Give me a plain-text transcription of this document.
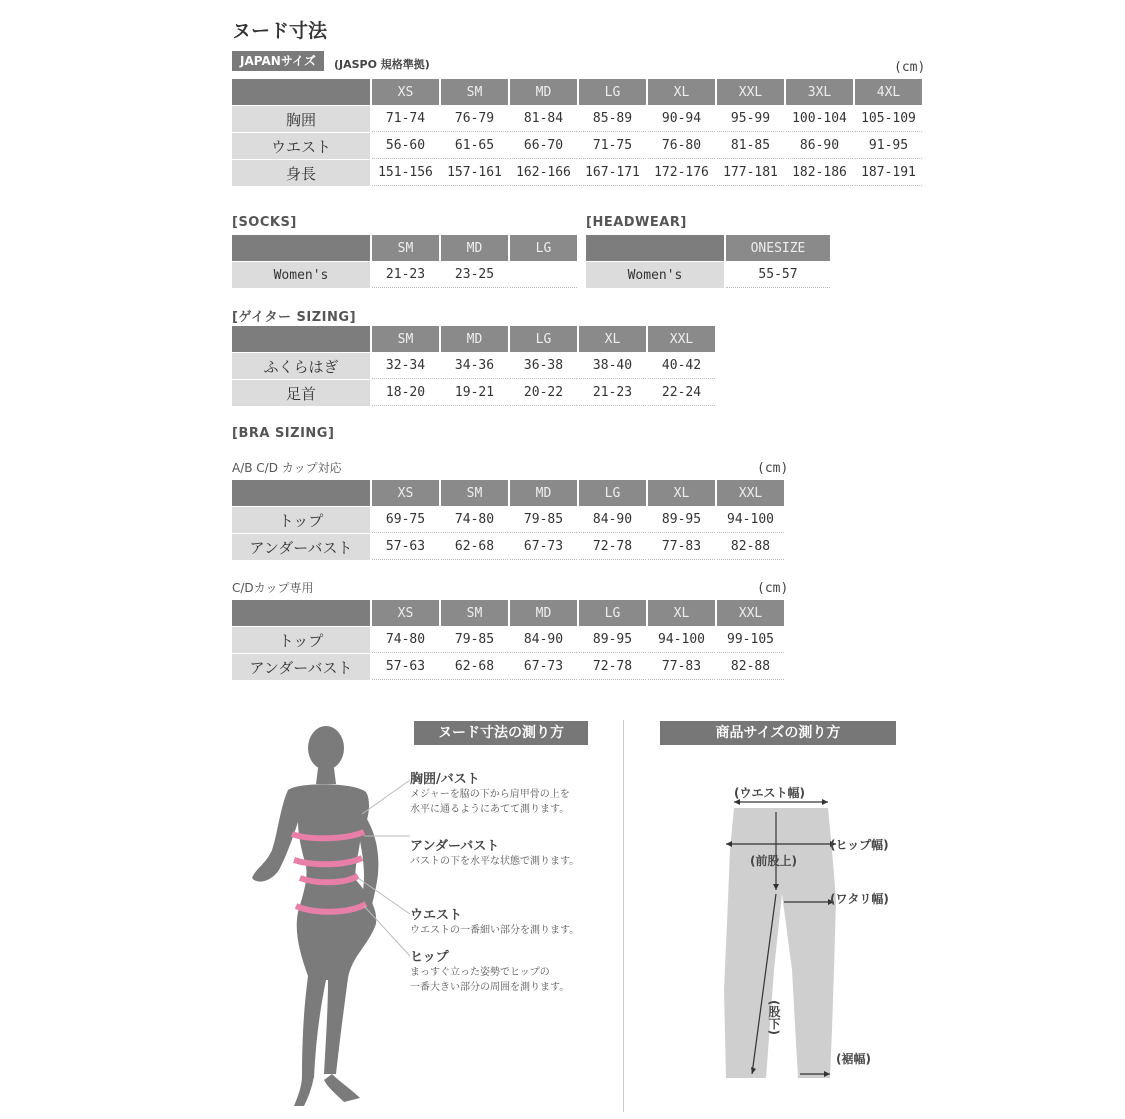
ヌード寸法
JAPANサイズ	(JASPO 規格準拠)	(cm)
	XS	SM	MD	LG	XL	XXL	3XL	4XL
胸囲	71-74	76-79	81-84	85-89	90-94	95-99	100-104	105-109
ウエスト	56-60	61-65	66-70	71-75	76-80	81-85	86-90	91-95
身長	151-156	157-161	162-166	167-171	172-176	177-181	182-186	187-191
[SOCKS]
	SM	MD	LG
Women's	21-23	23-25	
[HEADWEAR]
	ONESIZE
Women's	55-57
[ゲイター SIZING]
	SM	MD	LG	XL	XXL
ふくらはぎ	32-34	34-36	36-38	38-40	40-42
足首	18-20	19-21	20-22	21-23	22-24
[BRA SIZING]
A/B C/D カップ対応	(cm)
	XS	SM	MD	LG	XL	XXL
トップ	69-75	74-80	79-85	84-90	89-95	94-100
アンダーバスト	57-63	62-68	67-73	72-78	77-83	82-88
C/Dカップ専用	(cm)
	XS	SM	MD	LG	XL	XXL
トップ	74-80	79-85	84-90	89-95	94-100	99-105
アンダーバスト	57-63	62-68	67-73	72-78	77-83	82-88
ヌード寸法の測り方	商品サイズの測り方
胸囲/バスト
メジャーを脇の下から肩甲骨の上を
水平に通るようにあてて測ります。
アンダーバスト
バストの下を水平な状態で測ります。
ウエスト
ウエストの一番細い部分を測ります。
ヒップ
まっすぐ立った姿勢でヒップの
一番大きい部分の周囲を測ります。
(ウエスト幅)
(ヒップ幅)
(前股上)
(ワタリ幅)
(股下)
(裾幅)
